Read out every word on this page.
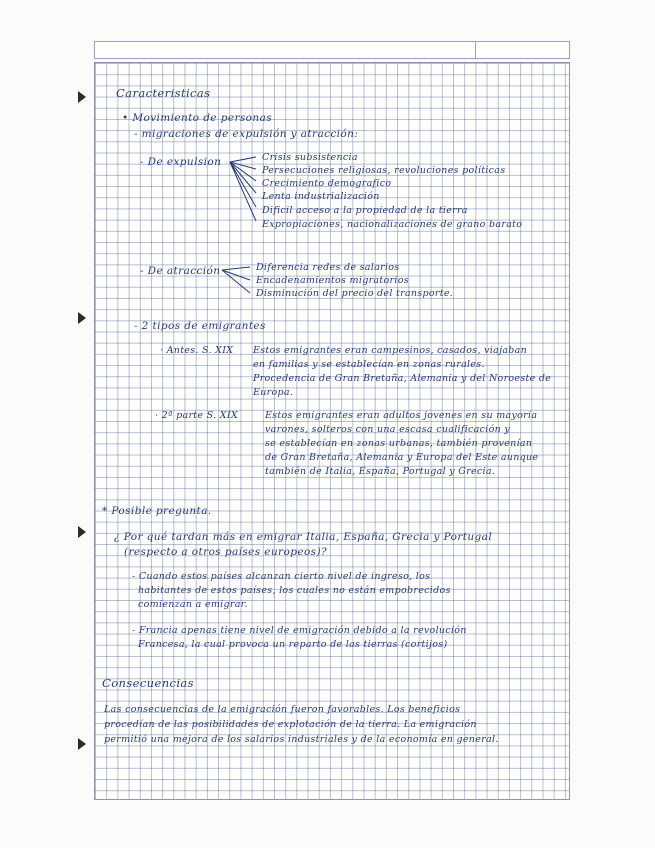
Caracteristicas
• Movimiento de personas
- migraciones de expulsión y atracción:
- De expulsion	Crisis subsistencia
Persecuciones religiosas, revoluciones políticas
Crecimiento demografico
Lenta industrialización
Dificil acceso a la propiedad de la tierra
Expropiaciones, nacionalizaciones de grano barato
- De atracción	Diferencia redes de salarios
Encadenamientos migratorios
Disminución del precio del transporte.
- 2 tipos de emigrantes
· Antes. S. XIX Estos emigrantes eran campesinos, casados, viajaban
en familias y se establecían en zonas rurales.
Procedencia de Gran Bretaña, Alemania y del Noroeste de
Europa.
· 2ª parte S. XIX	Estos emigrantes eran adultos jovenes en su mayoria
varones, solteros con una escasa cualificación y
se establecían en zonas urbanas, también provenían
de Gran Bretaña, Alemania y Europa del Este aunque
también de Italia, España, Portugal y Grecia.
* Posible pregunta.
¿ Por qué tardan más en emigrar Italia, España, Grecia y Portugal
(respecto a otros países europeos)?
- Cuando estos países alcanzan cierto nivel de ingreso, los
habitantes de estos países, los cuales no están empobrecidos
comienzan a emigrar.
- Francia apenas tiene nivel de emigración debido a la revolución
Francesa, la cual provoca un reparto de las tierras (cortijos)
Consecuencias
Las consecuencias de la emigración fueron favorables. Los beneficios
procedían de las posibilidades de explotación de la tierra. La emigración
permitió una mejora de los salarios industriales y de la economía en general.
